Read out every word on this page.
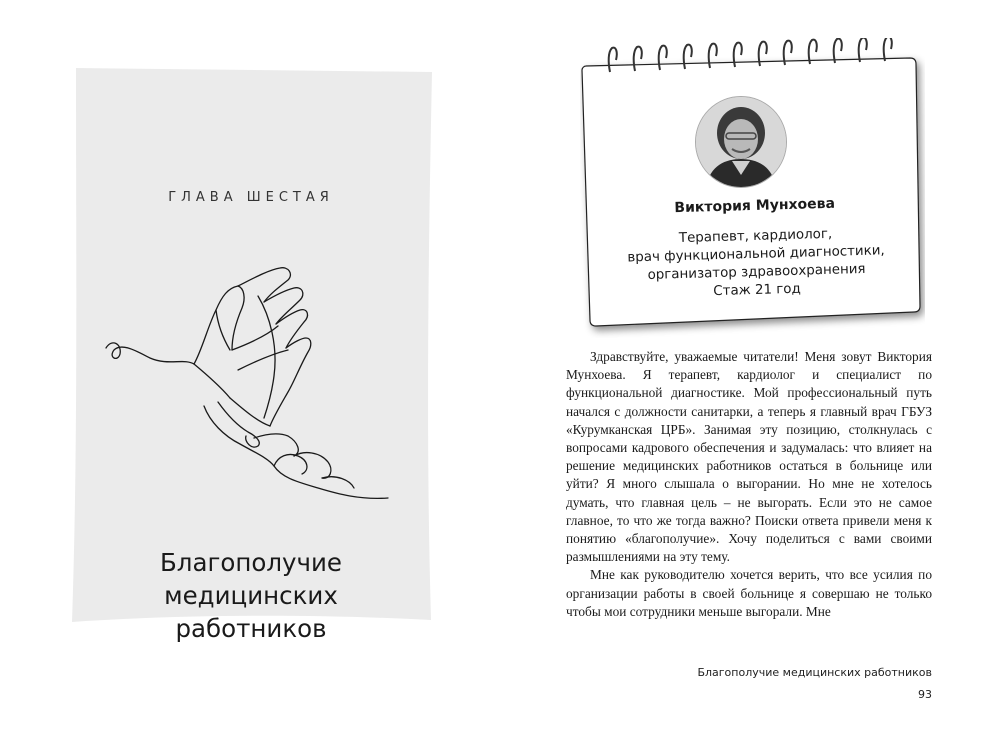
ГЛАВА ШЕСТАЯ
Благополучие
медицинских
работников
Виктория Мунхоева
Терапевт, кардиолог,
врач функциональной диагностики,
организатор здравоохранения
Стаж 21 год

Здравствуйте, уважаемые читатели! Меня зовут Виктория Мунхоева. Я терапевт, кардиолог и специалист по функциональной диагностике. Мой профессиональный путь начался с должности санитарки, а теперь я главный врач ГБУЗ «Курумканская ЦРБ». Занимая эту позицию, столкнулась с вопросами кадрового обеспечения и задумалась: что влияет на решение медицинских работников остаться в больнице или уйти? Я много слышала о выгорании. Но мне не хотелось думать, что главная цель – не выгорать. Если это не самое главное, то что же тогда важно? Поиски ответа привели меня к понятию «благополучие». Хочу поделиться с вами своими размышлениями на эту тему.

Мне как руководителю хочется верить, что все усилия по организации работы в своей больнице я совершаю не только чтобы мои сотрудники меньше выгорали. Мне

Благополучие медицинских работников
93
